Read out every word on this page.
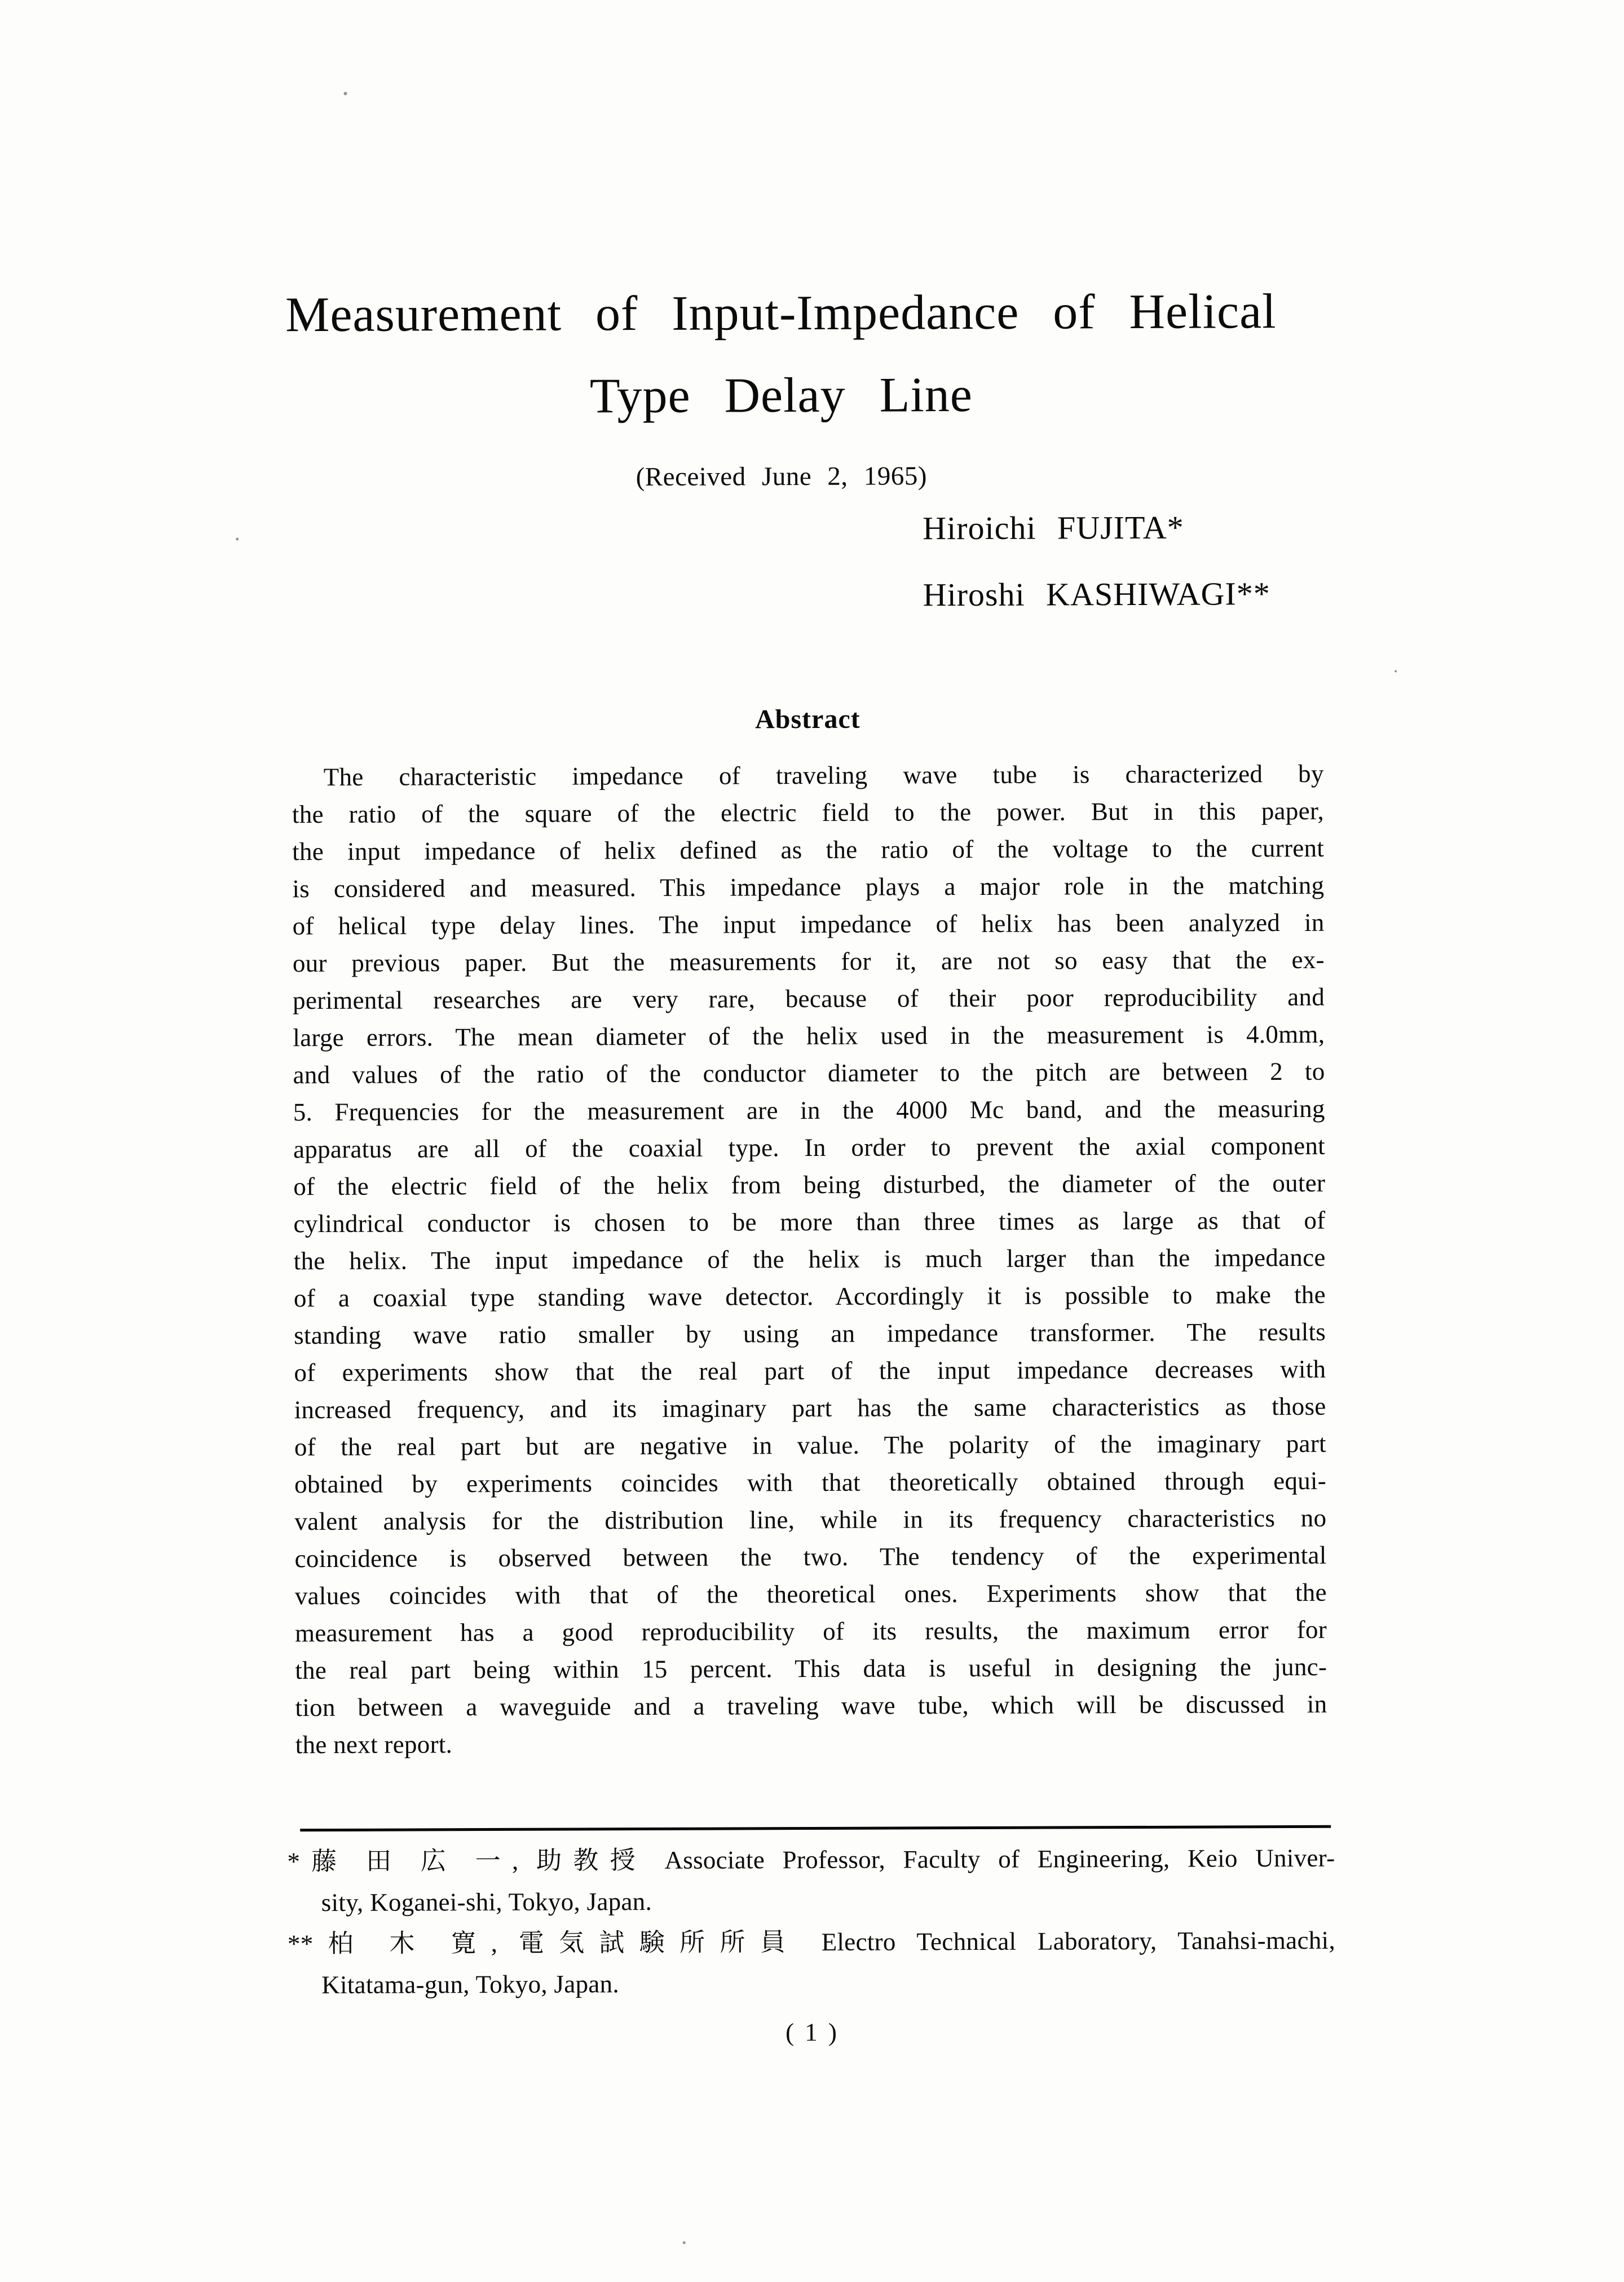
Measurement of Input-Impedance of Helical
Type Delay Line
(Received June 2, 1965)
Hiroichi FUJITA*
Hiroshi KASHIWAGI**
Abstract
The characteristic impedance of traveling wave tube is characterized by
the ratio of the square of the electric field to the power. But in this paper,
the input impedance of helix defined as the ratio of the voltage to the current
is considered and measured. This impedance plays a major role in the matching
of helical type delay lines. The input impedance of helix has been analyzed in
our previous paper. But the measurements for it, are not so easy that the ex-
perimental researches are very rare, because of their poor reproducibility and
large errors. The mean diameter of the helix used in the measurement is 4.0mm,
and values of the ratio of the conductor diameter to the pitch are between 2 to
5. Frequencies for the measurement are in the 4000 Mc band, and the measuring
apparatus are all of the coaxial type. In order to prevent the axial component
of the electric field of the helix from being disturbed, the diameter of the outer
cylindrical conductor is chosen to be more than three times as large as that of
the helix. The input impedance of the helix is much larger than the impedance
of a coaxial type standing wave detector. Accordingly it is possible to make the
standing wave ratio smaller by using an impedance transformer. The results
of experiments show that the real part of the input impedance decreases with
increased frequency, and its imaginary part has the same characteristics as those
of the real part but are negative in value. The polarity of the imaginary part
obtained by experiments coincides with that theoretically obtained through equi-
valent analysis for the distribution line, while in its frequency characteristics no
coincidence is observed between the two. The tendency of the experimental
values coincides with that of the theoretical ones. Experiments show that the
measurement has a good reproducibility of its results, the maximum error for
the real part being within 15 percent. This data is useful in designing the junc-
tion between a waveguide and a traveling wave tube, which will be discussed in
the next report.
*藤 田 広 一, 助教授 Associate Professor, Faculty of Engineering, Keio Univer-
sity, Koganei-shi, Tokyo, Japan.
**柏 木 寛, 電気試験所所員 Electro Technical Laboratory, Tanahsi-machi,
Kitatama-gun, Tokyo, Japan.
( 1 )
